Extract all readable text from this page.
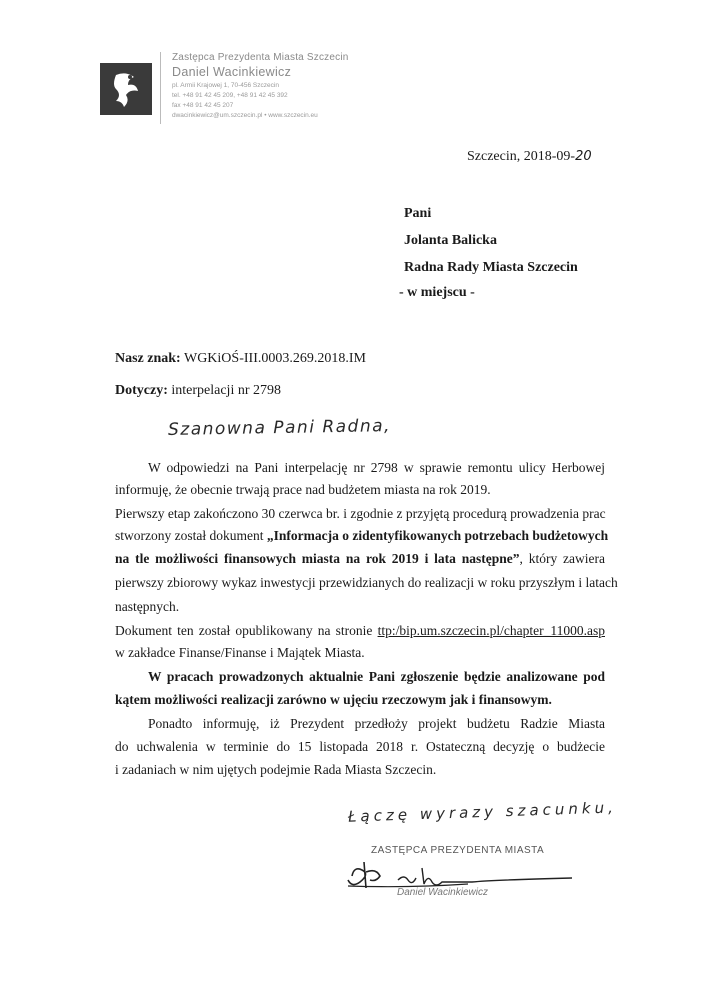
Zastępca Prezydenta Miasta Szczecin
Daniel Wacinkiewicz
pl. Armii Krajowej 1, 70-456 Szczecin
tel. +48 91 42 45 209, +48 91 42 45 392
fax +48 91 42 45 207
dwacinkiewicz@um.szczecin.pl • www.szczecin.eu
Szczecin, 2018-09-20
Pani
Jolanta Balicka
Radna Rady Miasta Szczecin
- w miejscu -
Nasz znak: WGKiOŚ-III.0003.269.2018.IM
Dotyczy: interpelacji nr 2798
Szanowna Pani Radna,
W odpowiedzi na Pani interpelację nr 2798 w sprawie remontu ulicy Herbowej
informuję, że obecnie trwają prace nad budżetem miasta na rok 2019.
Pierwszy etap zakończono 30 czerwca br. i zgodnie z przyjętą procedurą prowadzenia prac
stworzony został dokument „Informacja o zidentyfikowanych potrzebach budżetowych
na tle możliwości finansowych miasta na rok 2019 i lata następne”, który zawiera
pierwszy zbiorowy wykaz inwestycji przewidzianych do realizacji w roku przyszłym i latach
następnych.
Dokument ten został opublikowany na stronie ttp:/bip.um.szczecin.pl/chapter_11000.asp
w zakładce Finanse/Finanse i Majątek Miasta.
W pracach prowadzonych aktualnie Pani zgłoszenie będzie analizowane pod
kątem możliwości realizacji zarówno w ujęciu rzeczowym jak i finansowym.
Ponadto informuję, iż Prezydent przedłoży projekt budżetu Radzie Miasta
do uchwalenia w terminie do 15 listopada 2018 r. Ostateczną decyzję o budżecie
i zadaniach w nim ujętych podejmie Rada Miasta Szczecin.
Łączę wyrazy szacunku,
ZASTĘPCA PREZYDENTA MIASTA
Daniel Wacinkiewicz
